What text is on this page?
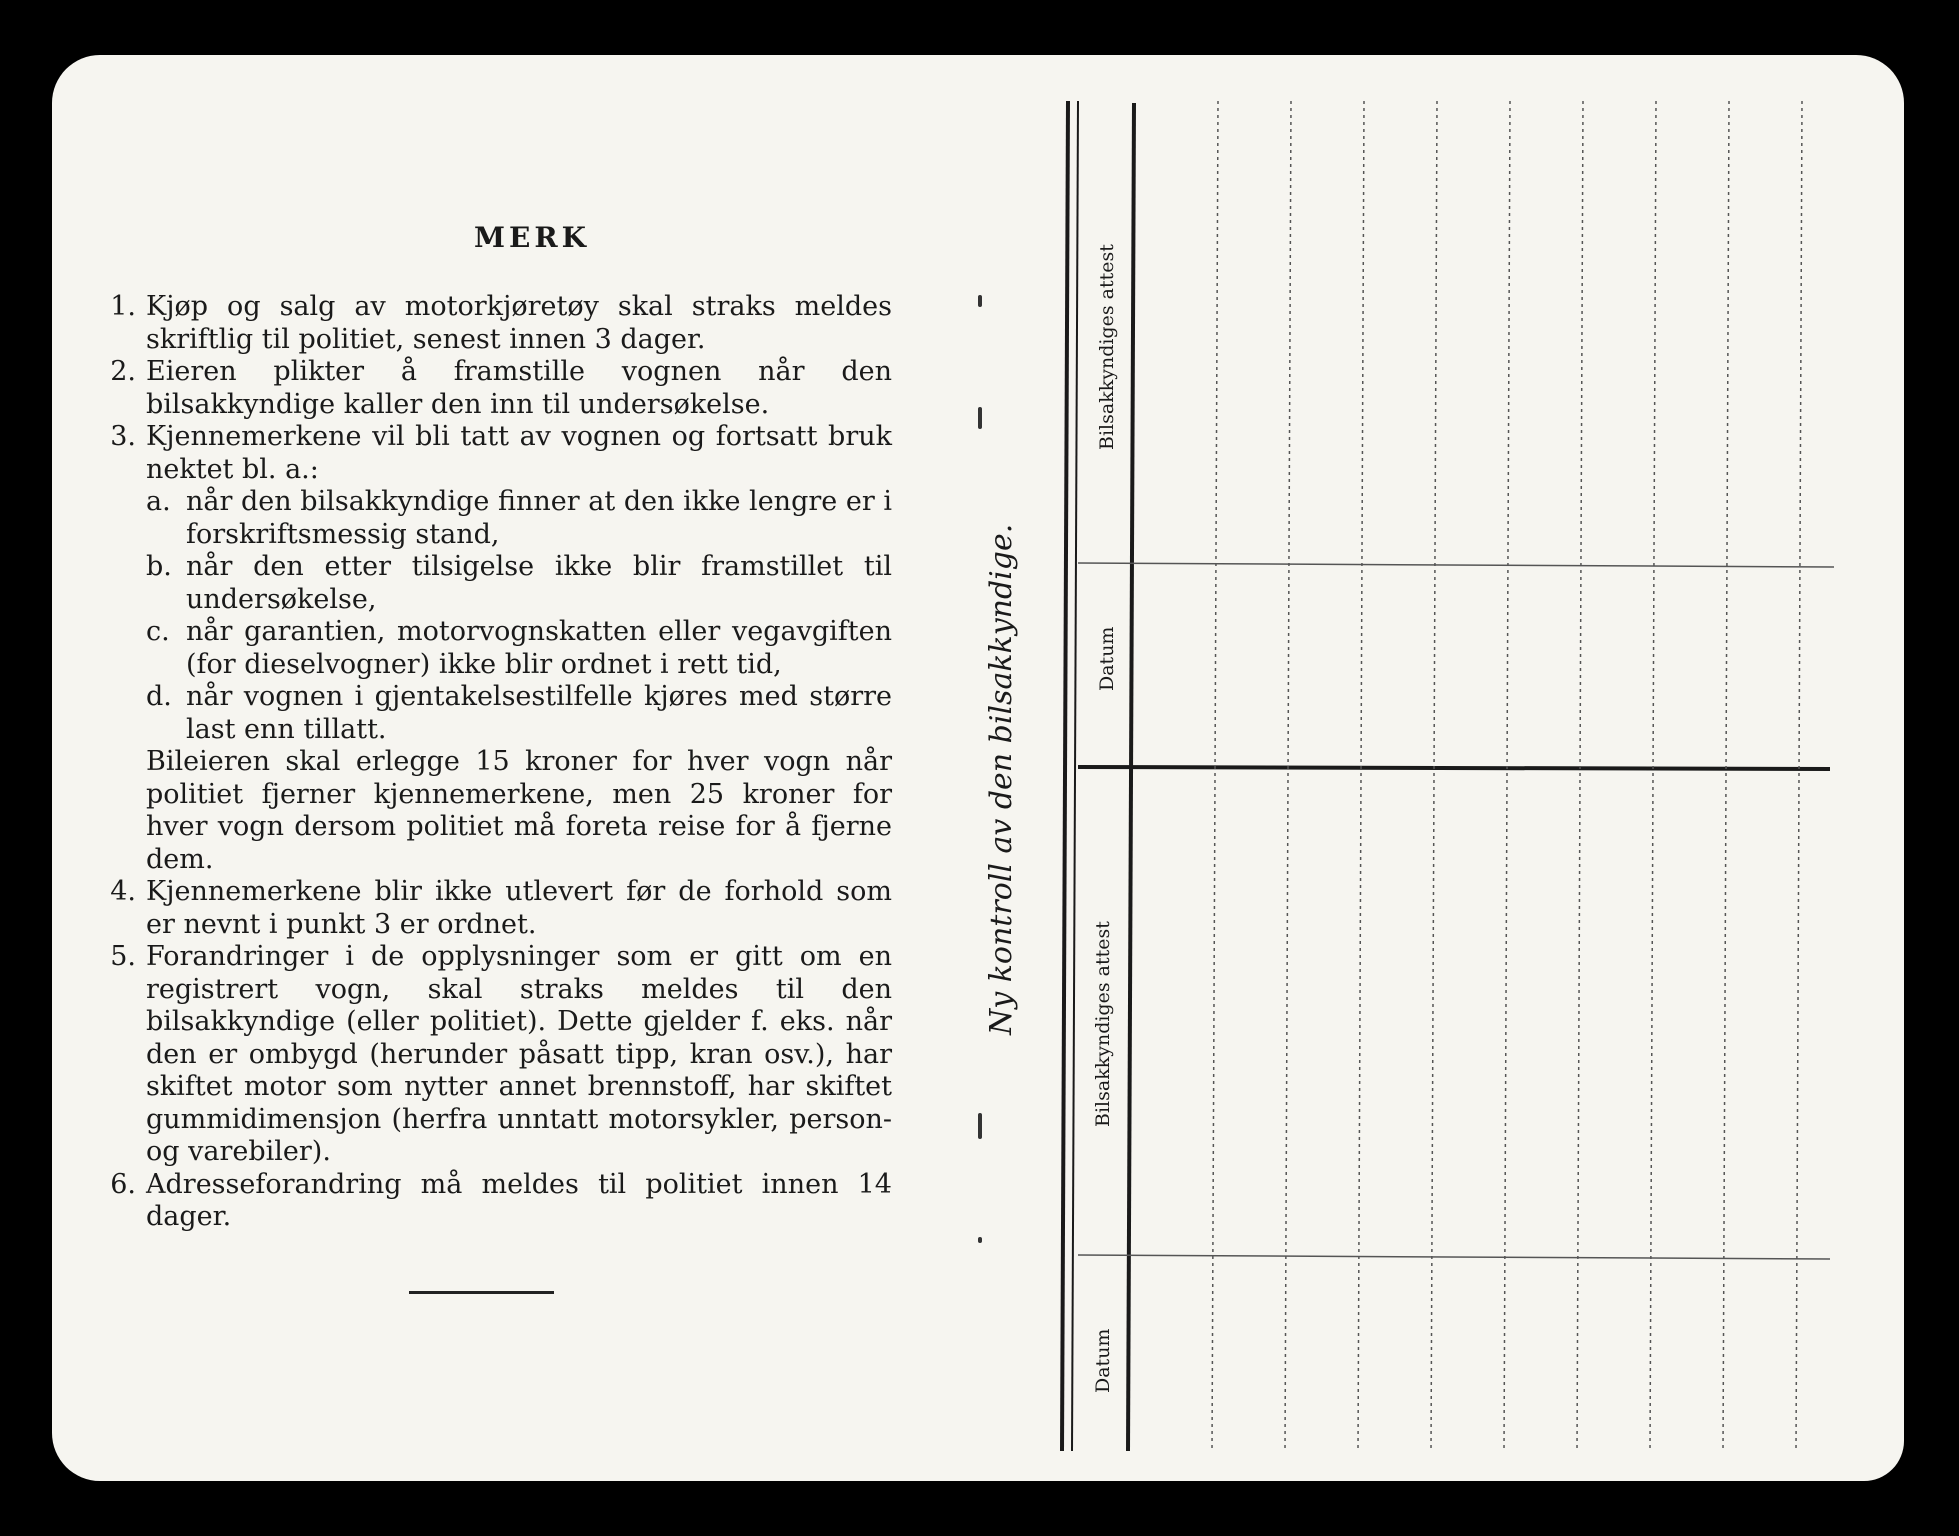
MERK
1. Kjøp og salg av motorkjøretøy skal straks meldes skriftlig til politiet, senest innen 3 dager.
2. Eieren plikter å framstille vognen når den bilsakkyndige kaller den inn til undersøkelse.
3. Kjennemerkene vil bli tatt av vognen og fortsatt bruk nektet bl. a.:
a. når den bilsakkyndige finner at den ikke lengre er i forskriftsmessig stand,
b. når den etter tilsigelse ikke blir framstillet til undersøkelse,
c. når garantien, motorvognskatten eller vegavgiften (for dieselvogner) ikke blir ordnet i rett tid,
d. når vognen i gjentakelsestilfelle kjøres med større last enn tillatt.
Bileieren skal erlegge 15 kroner for hver vogn når politiet fjerner kjennemerkene, men 25 kroner for hver vogn dersom politiet må foreta reise for å fjerne dem.
4. Kjennemerkene blir ikke utlevert før de forhold som er nevnt i punkt 3 er ordnet.
5. Forandringer i de opplysninger som er gitt om en registrert vogn, skal straks meldes til den bilsakkyndige (eller politiet). Dette gjelder f. eks. når den er ombygd (herunder påsatt tipp, kran osv.), har skiftet motor som nytter annet brennstoff, har skiftet gummidimensjon (herfra unntatt motorsykler, person- og varebiler).
6. Adresseforandring må meldes til politiet innen 14 dager.
Ny kontroll av den bilsakkyndige.
Bilsakkyndiges attest
Datum
Bilsakkyndiges attest
Datum
